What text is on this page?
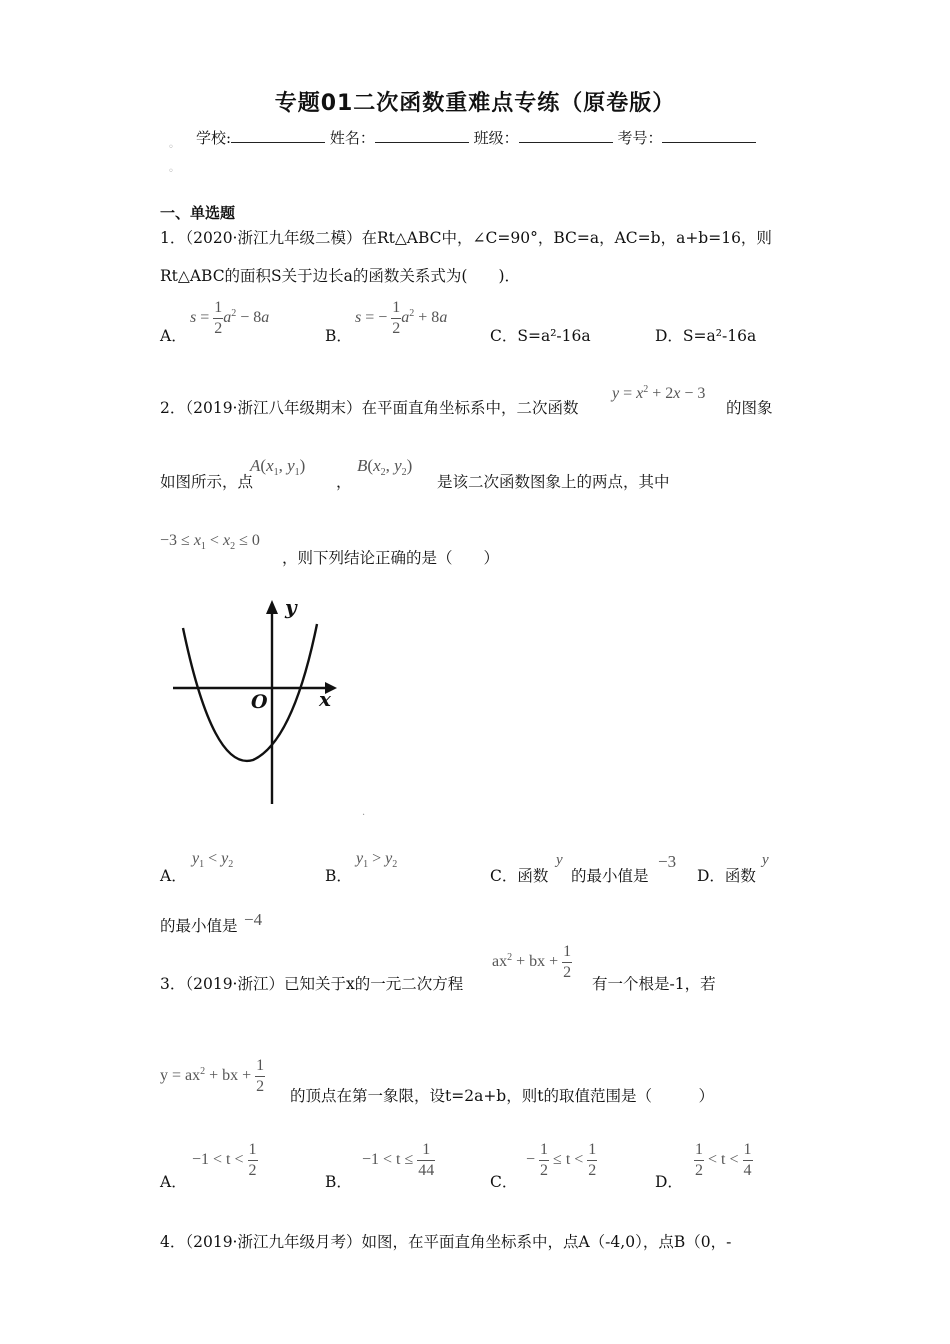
专题01二次函数重难点专练（原卷版）
学校:	姓名：	班级：	考号：
◦
◦
一、单选题
1．（2020·浙江九年级二模）在Rt△ABC中，∠C=90°，BC=a，AC=b，a+b=16，则
Rt△ABC的面积S关于边长a的函数关系式为(　　)．
A．
$s = \frac{1}{2} a^2 - 8a$
B．
s = − $\frac{1}{2} a^2 + 8a$
C．S=a²-16a	D．S=a²-16a
2．（2019·浙江八年级期末）在平面直角坐标系中，二次函数
$y = x^2 + 2x - 3$
的图象
如图所示，点
$A(x_1$, $y_1$)
，
$B(x_2$, $y_2$)
是该二次函数图象上的两点，其中
$-3 \le x_1 < x_2 \le 0$
，则下列结论正确的是（　　）
y
x
O
·
A．
$y_1 < y_2$
B．
$y_1 > y_2$
C．函数
y
的最小值是
−3
D．函数
y
的最小值是 −4
3．（2019·浙江）已知关于x的一元二次方程
$ax^2$ + bx + $\frac{1}{2}$
有一个根是-1，若
$y = ax^2$ + bx + $\frac{1}{2}$
的顶点在第一象限，设t=2a+b，则t的取值范围是（　　　）
A．
$-1 < t < \frac{1}{2}$
B．
$-1 < t \le \frac{1}{44}$
C．
− $\frac{1}{2} \le t < \frac{1}{2}$
D．
$\frac{1}{2} < t < \frac{1}{4}$
4．（2019·浙江九年级月考）如图，在平面直角坐标系中，点A（-4,0），点B（0，-
